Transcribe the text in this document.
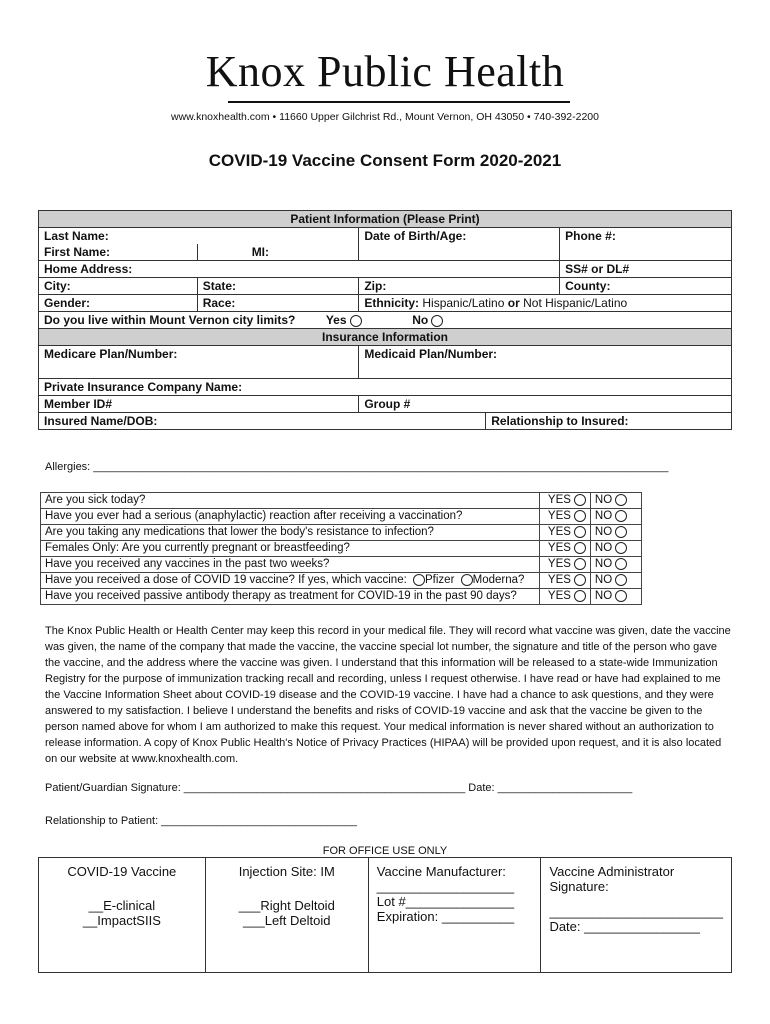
Knox Public Health
www.knoxhealth.com • 11660 Upper Gilchrist Rd., Mount Vernon, OH 43050 • 740-392-2200
COVID-19 Vaccine Consent Form 2020-2021
Patient Information (Please Print)				
Last Name:		Date of Birth/Age:		Phone #:
First Name:	MI:			
Home Address:				SS# or DL#
City:	State:	Zip:		County:
Gender:	Race:	Ethnicity: Hispanic/Latino or Not Hispanic/Latino		
Do you live within Mount Vernon city limits? Yes No				
Insurance Information				
Medicare Plan/Number:		Medicaid Plan/Number:		
Private Insurance Company Name:				
Member ID#		Group #		
Insured Name/DOB:			Relationship to Insured:	
Allergies: ______________________________________________________________________________________________
Are you sick today?	YES	NO
Have you ever had a serious (anaphylactic) reaction after receiving a vaccination?	YES	NO
Are you taking any medications that lower the body's resistance to infection?	YES	NO
Females Only: Are you currently pregnant or breastfeeding?	YES	NO
Have you received any vaccines in the past two weeks?	YES	NO
Have you received a dose of COVID 19 vaccine? If yes, which vaccine: Pfizer Moderna?	YES	NO
Have you received passive antibody therapy as treatment for COVID-19 in the past 90 days?	YES	NO
The Knox Public Health or Health Center may keep this record in your medical file. They will record what vaccine was given, date the vaccine was given, the name of the company that made the vaccine, the vaccine special lot number, the signature and title of the person who gave the vaccine, and the address where the vaccine was given. I understand that this information will be released to a state-wide Immunization Registry for the purpose of immunization tracking recall and recording, unless I request otherwise. I have read or have had explained to me the Vaccine Information Sheet about COVID-19 disease and the COVID-19 vaccine. I have had a chance to ask questions, and they were answered to my satisfaction. I believe I understand the benefits and risks of COVID-19 vaccine and ask that the vaccine be given to the person named above for whom I am authorized to make this request. Your medical information is never shared without an authorization to release information. A copy of Knox Public Health's Notice of Privacy Practices (HIPAA) will be provided upon request, and it is also located on our website at www.knoxhealth.com.
Patient/Guardian Signature: ______________________________________________ Date: ______________________
Relationship to Patient: ________________________________
FOR OFFICE USE ONLY
COVID-19 Vaccine
__E-clinical
__ImpactSIIS

Injection Site: IM
___Right Deltoid
___Left Deltoid

Vaccine Manufacturer:
___________________
Lot #_______________
Expiration: __________

Vaccine Administrator Signature:
________________________
Date: ________________
